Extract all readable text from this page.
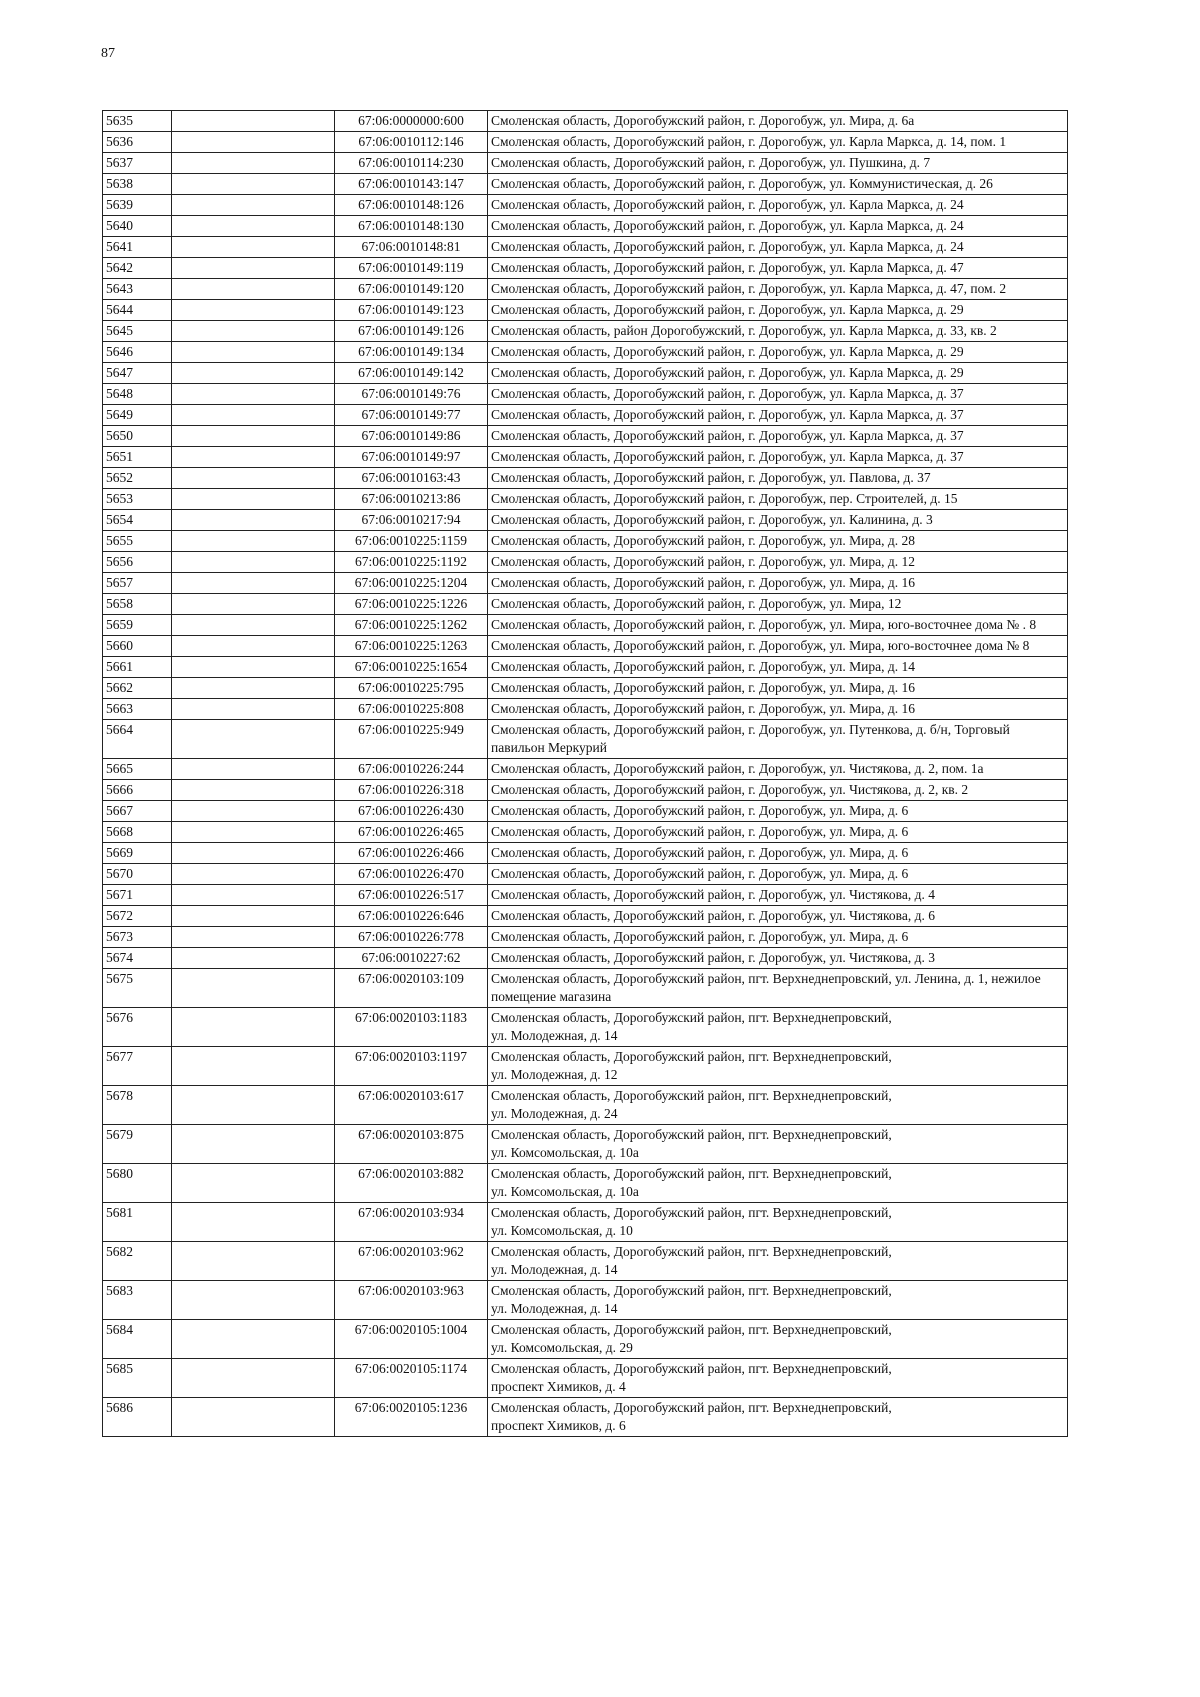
87
5635		67:06:0000000:600	Смоленская область, Дорогобужский район, г. Дорогобуж, ул. Мира, д. 6а
5636		67:06:0010112:146	Смоленская область, Дорогобужский район, г. Дорогобуж, ул. Карла Маркса, д. 14, пом. 1
5637		67:06:0010114:230	Смоленская область, Дорогобужский район, г. Дорогобуж, ул. Пушкина, д. 7
5638		67:06:0010143:147	Смоленская область, Дорогобужский район, г. Дорогобуж, ул. Коммунистическая, д. 26
5639		67:06:0010148:126	Смоленская область, Дорогобужский район, г. Дорогобуж, ул. Карла Маркса, д. 24
5640		67:06:0010148:130	Смоленская область, Дорогобужский район, г. Дорогобуж, ул. Карла Маркса, д. 24
5641		67:06:0010148:81	Смоленская область, Дорогобужский район, г. Дорогобуж, ул. Карла Маркса, д. 24
5642		67:06:0010149:119	Смоленская область, Дорогобужский район, г. Дорогобуж, ул. Карла Маркса, д. 47
5643		67:06:0010149:120	Смоленская область, Дорогобужский район, г. Дорогобуж, ул. Карла Маркса, д. 47, пом. 2
5644		67:06:0010149:123	Смоленская область, Дорогобужский район, г. Дорогобуж, ул. Карла Маркса, д. 29
5645		67:06:0010149:126	Смоленская область, район Дорогобужский, г. Дорогобуж, ул. Карла Маркса, д. 33, кв. 2
5646		67:06:0010149:134	Смоленская область, Дорогобужский район, г. Дорогобуж, ул. Карла Маркса, д. 29
5647		67:06:0010149:142	Смоленская область, Дорогобужский район, г. Дорогобуж, ул. Карла Маркса, д. 29
5648		67:06:0010149:76	Смоленская область, Дорогобужский район, г. Дорогобуж, ул. Карла Маркса, д. 37
5649		67:06:0010149:77	Смоленская область, Дорогобужский район, г. Дорогобуж, ул. Карла Маркса, д. 37
5650		67:06:0010149:86	Смоленская область, Дорогобужский район, г. Дорогобуж, ул. Карла Маркса, д. 37
5651		67:06:0010149:97	Смоленская область, Дорогобужский район, г. Дорогобуж, ул. Карла Маркса, д. 37
5652		67:06:0010163:43	Смоленская область, Дорогобужский район, г. Дорогобуж, ул. Павлова, д. 37
5653		67:06:0010213:86	Смоленская область, Дорогобужский район, г. Дорогобуж, пер. Строителей, д. 15
5654		67:06:0010217:94	Смоленская область, Дорогобужский район, г. Дорогобуж, ул. Калинина, д. 3
5655		67:06:0010225:1159	Смоленская область, Дорогобужский район, г. Дорогобуж, ул. Мира, д. 28
5656		67:06:0010225:1192	Смоленская область, Дорогобужский район, г. Дорогобуж, ул. Мира, д. 12
5657		67:06:0010225:1204	Смоленская область, Дорогобужский район, г. Дорогобуж, ул. Мира, д. 16
5658		67:06:0010225:1226	Смоленская область, Дорогобужский район, г. Дорогобуж, ул. Мира, 12
5659		67:06:0010225:1262	Смоленская область, Дорогобужский район, г. Дорогобуж, ул. Мира, юго-восточнее дома № . 8
5660		67:06:0010225:1263	Смоленская область, Дорогобужский район, г. Дорогобуж, ул. Мира, юго-восточнее дома № 8
5661		67:06:0010225:1654	Смоленская область, Дорогобужский район, г. Дорогобуж, ул. Мира, д. 14
5662		67:06:0010225:795	Смоленская область, Дорогобужский район, г. Дорогобуж, ул. Мира, д. 16
5663		67:06:0010225:808	Смоленская область, Дорогобужский район, г. Дорогобуж, ул. Мира, д. 16
5664		67:06:0010225:949	Смоленская область, Дорогобужский район, г. Дорогобуж, ул. Путенкова, д. б/н, Торговый павильон Меркурий
5665		67:06:0010226:244	Смоленская область, Дорогобужский район, г. Дорогобуж, ул. Чистякова, д. 2, пом. 1а
5666		67:06:0010226:318	Смоленская область, Дорогобужский район, г. Дорогобуж, ул. Чистякова, д. 2, кв. 2
5667		67:06:0010226:430	Смоленская область, Дорогобужский район, г. Дорогобуж, ул. Мира, д. 6
5668		67:06:0010226:465	Смоленская область, Дорогобужский район, г. Дорогобуж, ул. Мира, д. 6
5669		67:06:0010226:466	Смоленская область, Дорогобужский район, г. Дорогобуж, ул. Мира, д. 6
5670		67:06:0010226:470	Смоленская область, Дорогобужский район, г. Дорогобуж, ул. Мира, д. 6
5671		67:06:0010226:517	Смоленская область, Дорогобужский район, г. Дорогобуж, ул. Чистякова, д. 4
5672		67:06:0010226:646	Смоленская область, Дорогобужский район, г. Дорогобуж, ул. Чистякова, д. 6
5673		67:06:0010226:778	Смоленская область, Дорогобужский район, г. Дорогобуж, ул. Мира, д. 6
5674		67:06:0010227:62	Смоленская область, Дорогобужский район, г. Дорогобуж, ул. Чистякова, д. 3
5675		67:06:0020103:109	Смоленская область, Дорогобужский район, пгт. Верхнеднепровский, ул. Ленина, д. 1, нежилое помещение магазина
5676		67:06:0020103:1183	Смоленская область, Дорогобужский район, пгт. Верхнеднепровский,
ул. Молодежная, д. 14
5677		67:06:0020103:1197	Смоленская область, Дорогобужский район, пгт. Верхнеднепровский,
ул. Молодежная, д. 12
5678		67:06:0020103:617	Смоленская область, Дорогобужский район, пгт. Верхнеднепровский,
ул. Молодежная, д. 24
5679		67:06:0020103:875	Смоленская область, Дорогобужский район, пгт. Верхнеднепровский,
ул. Комсомольская, д. 10а
5680		67:06:0020103:882	Смоленская область, Дорогобужский район, пгт. Верхнеднепровский,
ул. Комсомольская, д. 10а
5681		67:06:0020103:934	Смоленская область, Дорогобужский район, пгт. Верхнеднепровский,
ул. Комсомольская, д. 10
5682		67:06:0020103:962	Смоленская область, Дорогобужский район, пгт. Верхнеднепровский,
ул. Молодежная, д. 14
5683		67:06:0020103:963	Смоленская область, Дорогобужский район, пгт. Верхнеднепровский,
ул. Молодежная, д. 14
5684		67:06:0020105:1004	Смоленская область, Дорогобужский район, пгт. Верхнеднепровский,
ул. Комсомольская, д. 29
5685		67:06:0020105:1174	Смоленская область, Дорогобужский район, пгт. Верхнеднепровский,
проспект Химиков, д. 4
5686		67:06:0020105:1236	Смоленская область, Дорогобужский район, пгт. Верхнеднепровский,
проспект Химиков, д. 6
